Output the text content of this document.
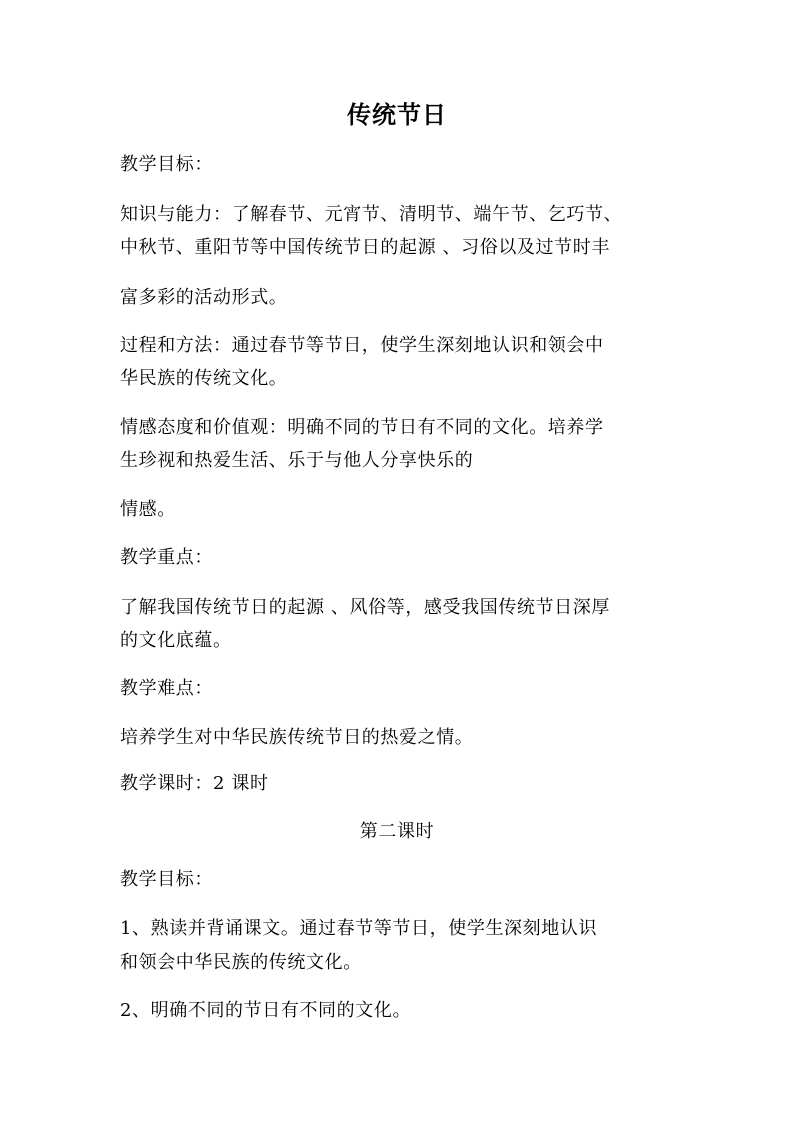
传统节日
教学目标：
知识与能力：了解春节、元宵节、清明节、端午节、乞巧节、
中秋节、重阳节等中国传统节日的起源 、习俗以及过节时丰
富多彩的活动形式。
过程和方法：通过春节等节日，使学生深刻地认识和领会中
华民族的传统文化。
情感态度和价值观：明确不同的节日有不同的文化。培养学
生珍视和热爱生活、乐于与他人分享快乐的
情感。
教学重点：
了解我国传统节日的起源 、风俗等，感受我国传统节日深厚
的文化底蕴。
教学难点：
培养学生对中华民族传统节日的热爱之情。
教学课时：2 课时
第二课时
教学目标：
1、熟读并背诵课文。通过春节等节日，使学生深刻地认识
和领会中华民族的传统文化。
2、明确不同的节日有不同的文化。
